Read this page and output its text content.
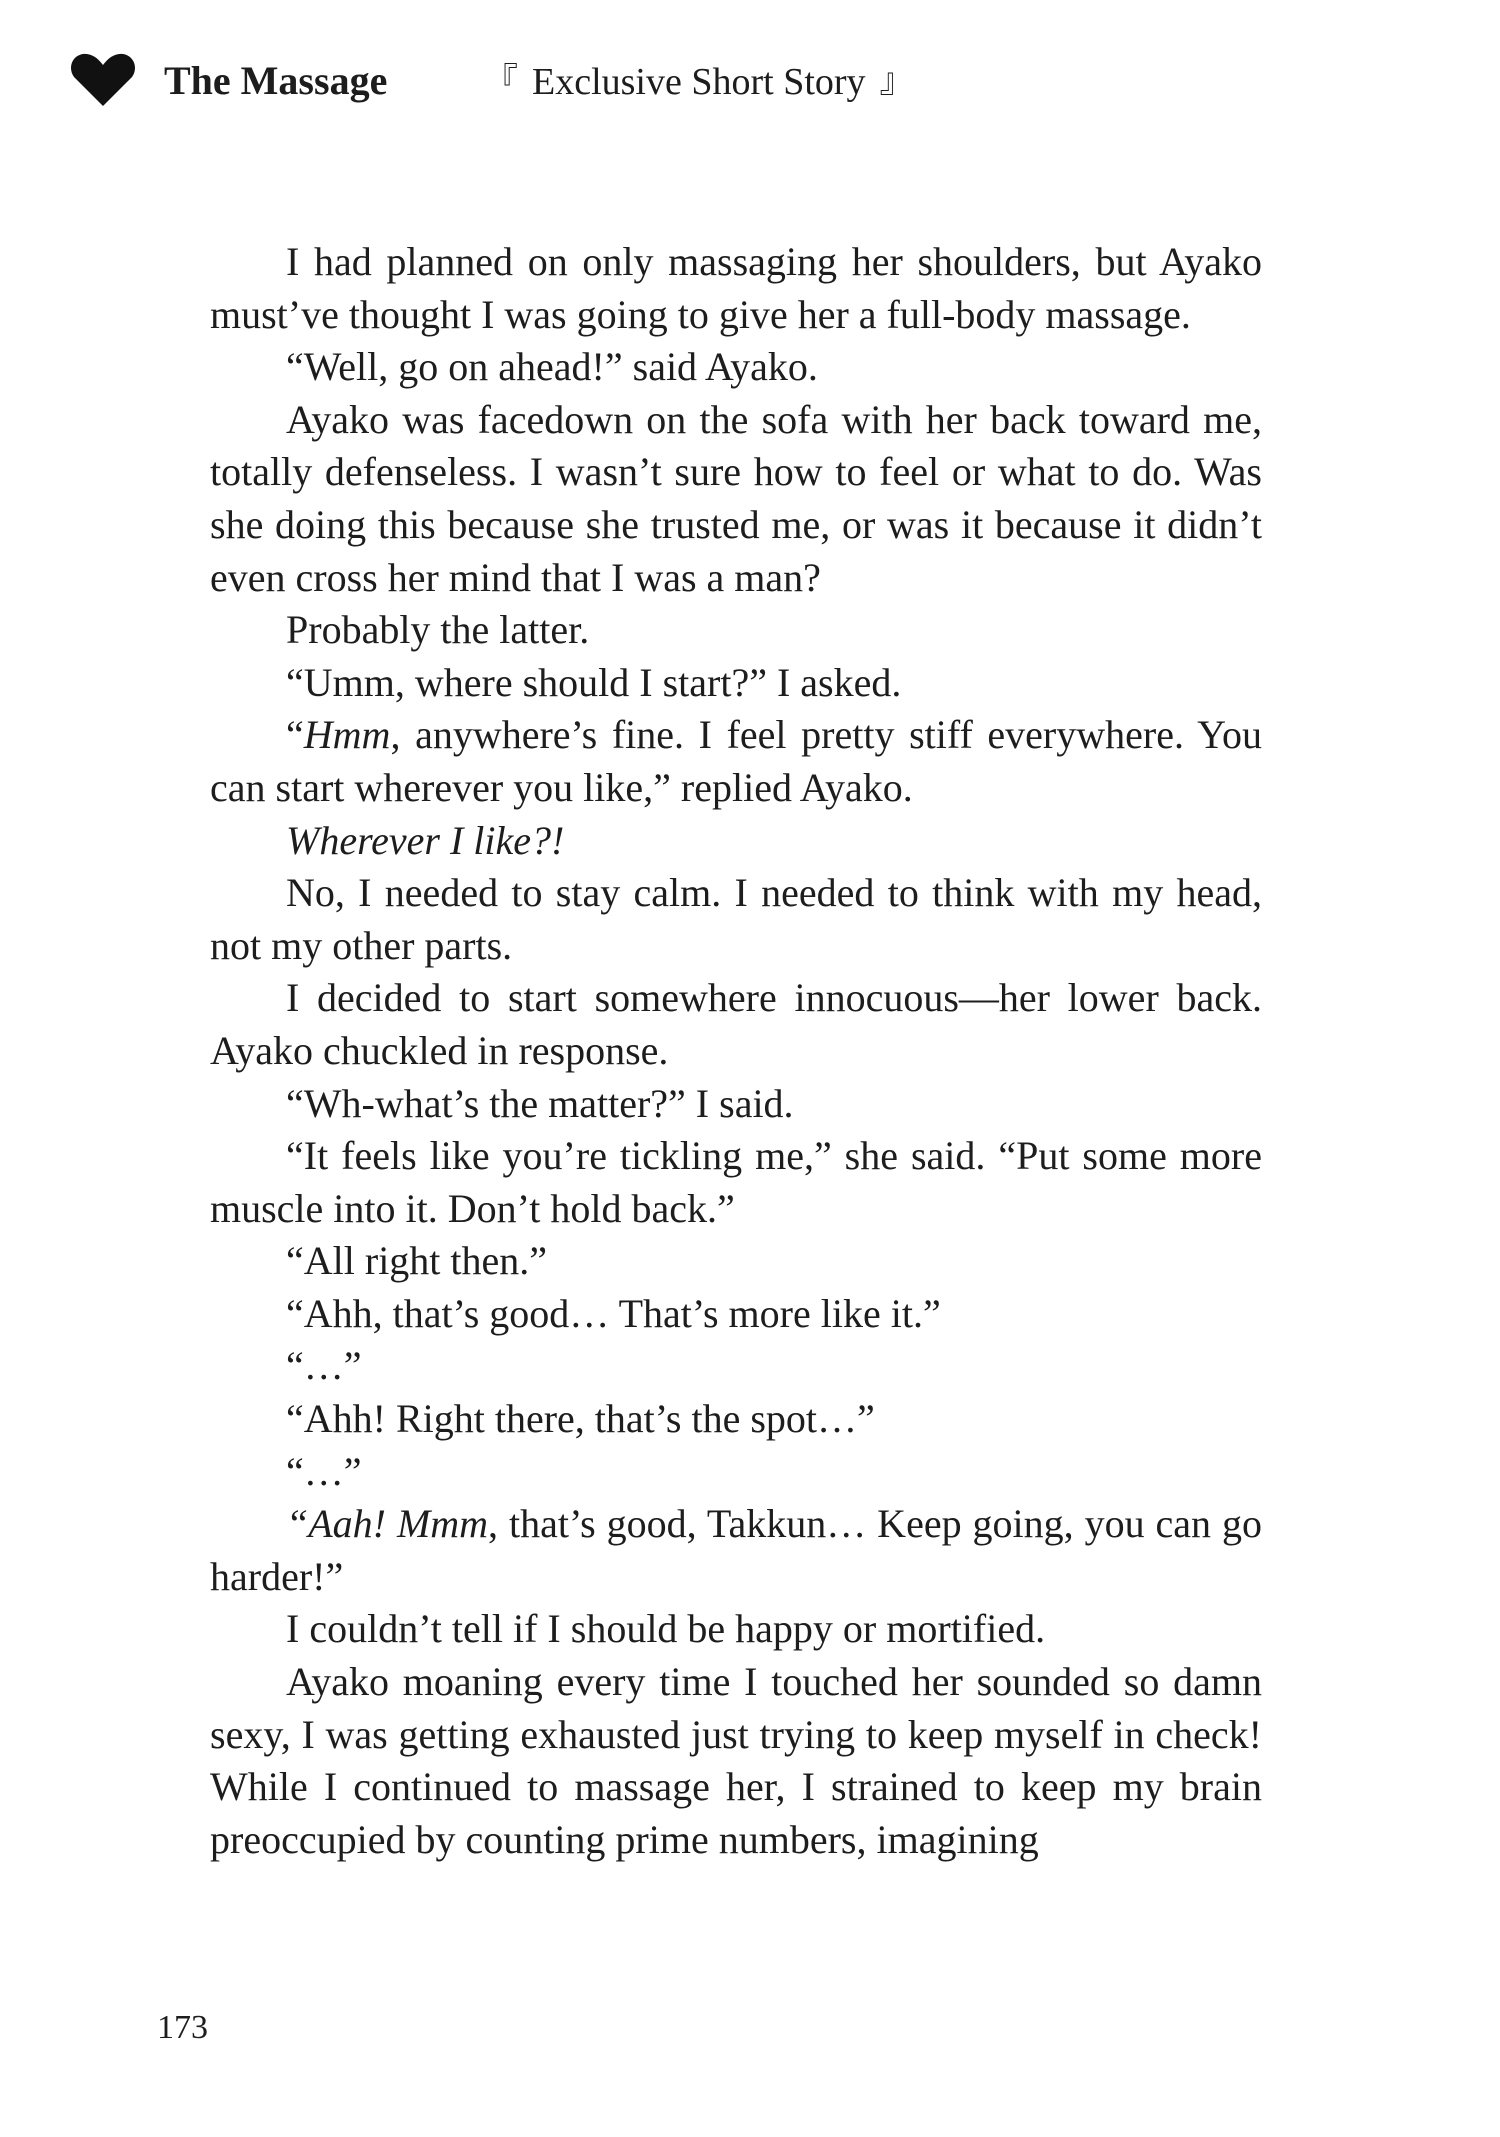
The Massage	『 Exclusive Short Story 』

I had planned on only massaging her shoulders, but Ayako must’ve thought I was going to give her a full-body massage.

“Well, go on ahead!” said Ayako.

Ayako was facedown on the sofa with her back toward me, totally defenseless. I wasn’t sure how to feel or what to do. Was she doing this because she trusted me, or was it because it didn’t even cross her mind that I was a man?

Probably the latter.

“Umm, where should I start?” I asked.

“Hmm, anywhere’s fine. I feel pretty stiff everywhere. You can start wherever you like,” replied Ayako.

Wherever I like?!

No, I needed to stay calm. I needed to think with my head, not my other parts.

I decided to start somewhere innocuous—her lower back. Ayako chuckled in response.

“Wh-what’s the matter?” I said.

“It feels like you’re tickling me,” she said. “Put some more muscle into it. Don’t hold back.”

“All right then.”

“Ahh, that’s good… That’s more like it.”

“…”

“Ahh! Right there, that’s the spot…”

“…”

“Aah! Mmm, that’s good, Takkun… Keep going, you can go harder!”

I couldn’t tell if I should be happy or mortified.

Ayako moaning every time I touched her sounded so damn sexy, I was getting exhausted just trying to keep myself in check! While I continued to massage her, I strained to keep my brain preoccupied by counting prime numbers, imagining

173
